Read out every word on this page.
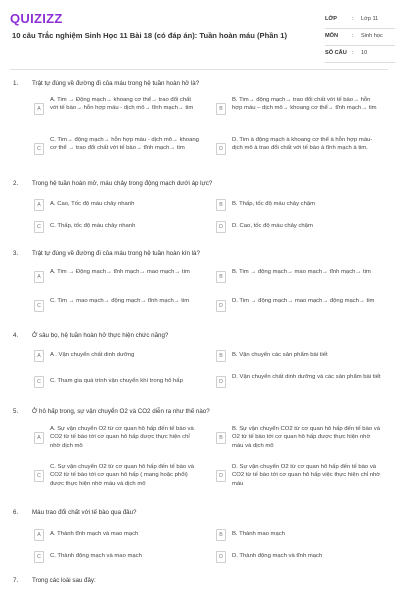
QUIZIZZ
10 câu Trắc nghiệm Sinh Học 11 Bài 18 (có đáp án): Tuần hoàn máu (Phần 1)
LỚP	: Lớp 11
MÔN : Sinh học
SỐ CÂU : 10
1. Trật tự đúng về đường đi của máu trong hệ tuần hoàn hở là?
A
A. Tim → Động mạch→ khoang cơ thể→ trao đổi chất với tế bào→ hỗn hợp máu - dịch mô→ tĩnh mạch→ tim	B
B. Tim→ động mạch→ trao đổi chất với tế bào→ hỗn hợp máu – dịch mô→ khoang cơ thể→ tĩnh mạch→ tim
C
C. Tim→ động mạch→ hỗn hợp máu - dịch mô→ khoang cơ thể → trao đổi chất với tế bào→ tĩnh mạch→ tim	D
D. Tim à động mạch à khoang cơ thể à hỗn hợp máu-dịch mô à trao đổi chất với tế bào à tĩnh mạch à tim.
2. Trong hệ tuần hoàn mở, máu chảy trong động mạch dưới áp lực?
A	A. Cao, Tốc độ máu chảy nhanh	B	B. Thấp, tốc độ máu chảy chậm
C	C. Thấp, tốc độ máu chảy nhanh	D	D. Cao, tốc độ máu chảy chậm
3. Trật tự đúng về đường đi của máu trong hệ tuần hoàn kín là?
A
A. Tim → Động mạch→ tĩnh mạch→ mao mạch→ tim
B
B. Tim → động mạch→ mao mạch→ tĩnh mạch→ tim
C
C. Tim → mao mạch→ động mạch→ tĩnh mạch→ tim
D
D. Tim → động mạch→ mao mạch→ động mạch→ tim
4. Ở sâu bọ, hệ tuần hoàn hở thực hiện chức năng?
A	A . Vận chuyển chất dinh dưỡng	B	B. Vận chuyển các sản phẩm bài tiết
C	C. Tham gia quá trình vận chuyển khí trong hô hấp	D
D. Vận chuyển chất dinh dưỡng và các sản phẩm bài tiết
5. Ở hô hấp trong, sự vận chuyển O2 và CO2 diễn ra như thế nào?
A
A. Sự vận chuyển O2 từ cơ quan hô hấp đến tế bào và CO2 từ tế bào tới cơ quan hô hấp được thực hiện chỉ nhờ dịch mô
B
B. Sự vận chuyển CO2 từ cơ quan hô hấp đến tế bào và O2 từ tế bào tới cơ quan hô hấp được thực hiện nhờ máu và dịch mô
C
C. Sự vận chuyển O2 từ cơ quan hô hấp đến tế bào và CO2 từ tế bào tới cơ quan hô hấp ( mang hoặc phổi) được thực hiện nhờ máu và dịch mô
D
D. Sự vận chuyển O2 từ cơ quan hô hấp đến tế bào và CO2 từ tế bào tới cơ quan hô hấp việc thực hiện chỉ nhờ máu
6. Máu trao đổi chất với tế bào qua đâu?
A	A. Thành tĩnh mạch và mao mạch	B	B. Thành mao mạch
C	C. Thành động mạch và mao mạch	D	D. Thành động mạch và tĩnh mạch
7. Trong các loài sau đây:
